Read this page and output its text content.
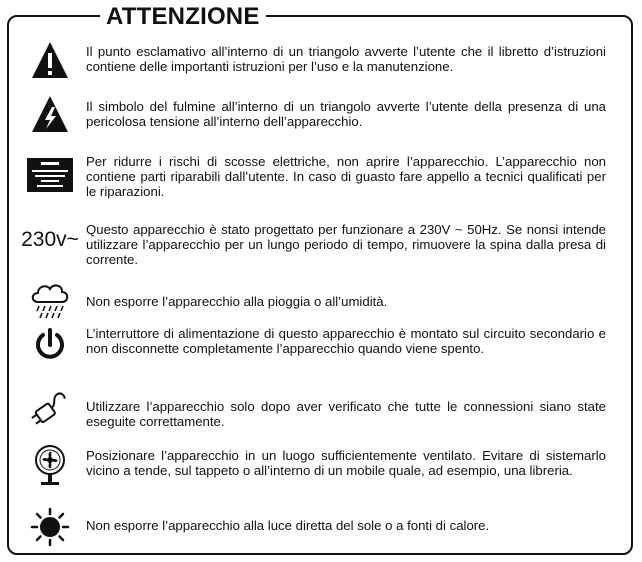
ATTENZIONE
Il punto esclamativo all’interno di un triangolo avverte l’utente che il libretto d’istruzioni contiene delle importanti istruzioni per l’uso e la manutenzione.
Il simbolo del fulmine all’interno di un triangolo avverte l’utente della presenza di una pericolosa tensione all’interno dell’apparecchio.
Per ridurre i rischi di scosse elettriche, non aprire l’apparecchio. L’apparecchio non contiene parti riparabili dall’utente. In caso di guasto fare appello a tecnici qualificati per le riparazioni.
230v~ Questo apparecchio è stato progettato per funzionare a 230V ~ 50Hz. Se nonsi intende utilizzare l’apparecchio per un lungo periodo di tempo, rimuovere la spina dalla presa di corrente.
Non esporre l’apparecchio alla pioggia o all’umidità.
L’interruttore di alimentazione di questo apparecchio è montato sul circuito secondario e non disconnette completamente l’apparecchio quando viene spento.
Utilizzare l’apparecchio solo dopo aver verificato che tutte le connessioni siano state eseguite correttamente.
Posizionare l’apparecchio in un luogo sufficientemente ventilato. Evitare di sistemarlo vicino a tende, sul tappeto o all’interno di un mobile quale, ad esempio, una libreria.
Non esporre l’apparecchio alla luce diretta del sole o a fonti di calore.
